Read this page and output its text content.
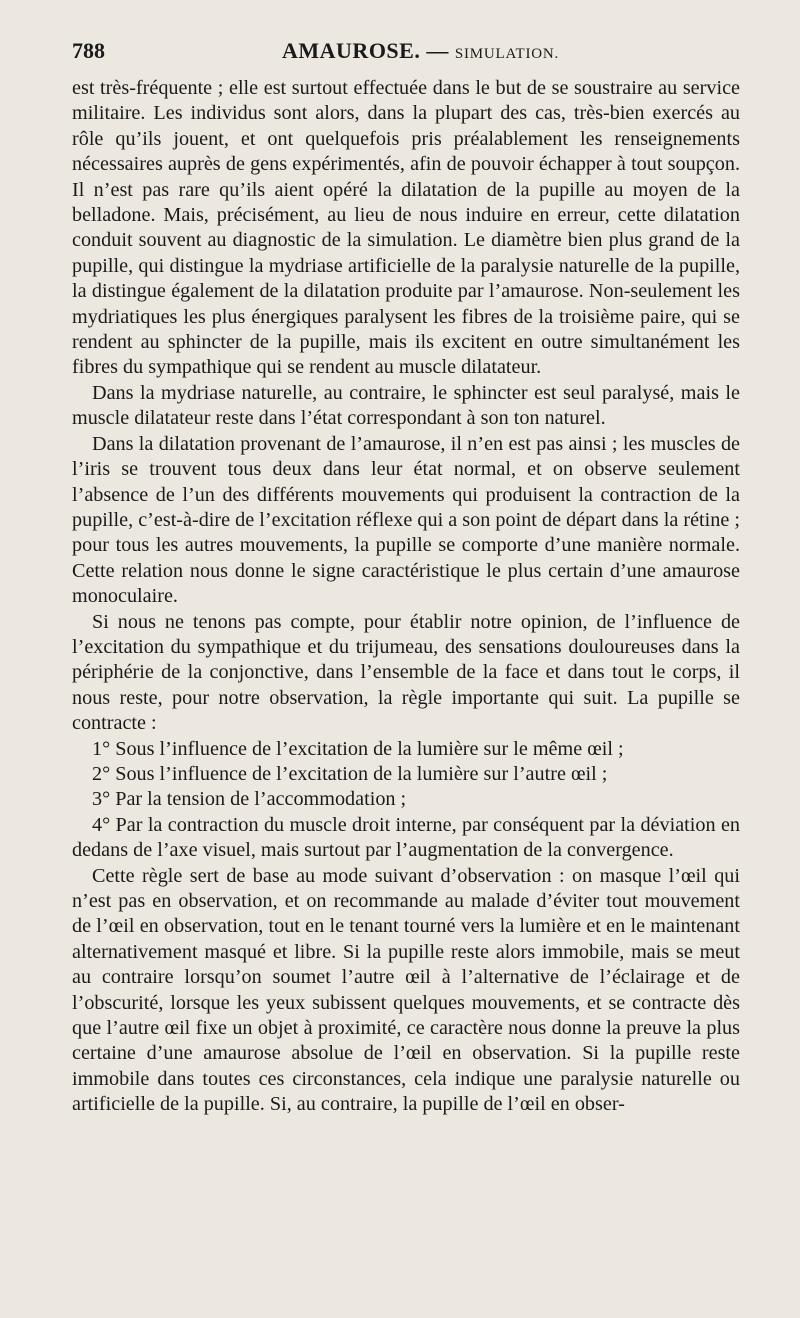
788	AMAUROSE. — SIMULATION.

est très-fréquente ; elle est surtout effectuée dans le but de se soustraire au service militaire. Les individus sont alors, dans la plupart des cas, très-bien exercés au rôle qu’ils jouent, et ont quelquefois pris préalablement les renseignements nécessaires auprès de gens expérimentés, afin de pouvoir échapper à tout soupçon. Il n’est pas rare qu’ils aient opéré la dilatation de la pupille au moyen de la belladone. Mais, précisément, au lieu de nous induire en erreur, cette dilatation conduit souvent au diagnostic de la simulation. Le diamètre bien plus grand de la pupille, qui distingue la mydriase artificielle de la paralysie naturelle de la pupille, la distingue également de la dilatation produite par l’amaurose. Non-seulement les mydriatiques les plus énergiques paralysent les fibres de la troisième paire, qui se rendent au sphincter de la pupille, mais ils excitent en outre simultanément les fibres du sympathique qui se rendent au muscle dilatateur.

Dans la mydriase naturelle, au contraire, le sphincter est seul paralysé, mais le muscle dilatateur reste dans l’état correspondant à son ton naturel.

Dans la dilatation provenant de l’amaurose, il n’en est pas ainsi ; les muscles de l’iris se trouvent tous deux dans leur état normal, et on observe seulement l’absence de l’un des différents mouvements qui produisent la contraction de la pupille, c’est-à-dire de l’excitation réflexe qui a son point de départ dans la rétine ; pour tous les autres mouvements, la pupille se comporte d’une manière normale. Cette relation nous donne le signe caractéristique le plus certain d’une amaurose monoculaire.

Si nous ne tenons pas compte, pour établir notre opinion, de l’influence de l’excitation du sympathique et du trijumeau, des sensations douloureuses dans la périphérie de la conjonctive, dans l’ensemble de la face et dans tout le corps, il nous reste, pour notre observation, la règle importante qui suit. La pupille se contracte :

1° Sous l’influence de l’excitation de la lumière sur le même œil ;

2° Sous l’influence de l’excitation de la lumière sur l’autre œil ;

3° Par la tension de l’accommodation ;

4° Par la contraction du muscle droit interne, par conséquent par la déviation en dedans de l’axe visuel, mais surtout par l’augmentation de la convergence.

Cette règle sert de base au mode suivant d’observation : on masque l’œil qui n’est pas en observation, et on recommande au malade d’éviter tout mouvement de l’œil en observation, tout en le tenant tourné vers la lumière et en le maintenant alternativement masqué et libre. Si la pupille reste alors immobile, mais se meut au contraire lorsqu’on soumet l’autre œil à l’alternative de l’éclairage et de l’obscurité, lorsque les yeux subissent quelques mouvements, et se contracte dès que l’autre œil fixe un objet à proximité, ce caractère nous donne la preuve la plus certaine d’une amaurose absolue de l’œil en observation. Si la pupille reste immobile dans toutes ces circonstances, cela indique une paralysie naturelle ou artificielle de la pupille. Si, au contraire, la pupille de l’œil en obser-
